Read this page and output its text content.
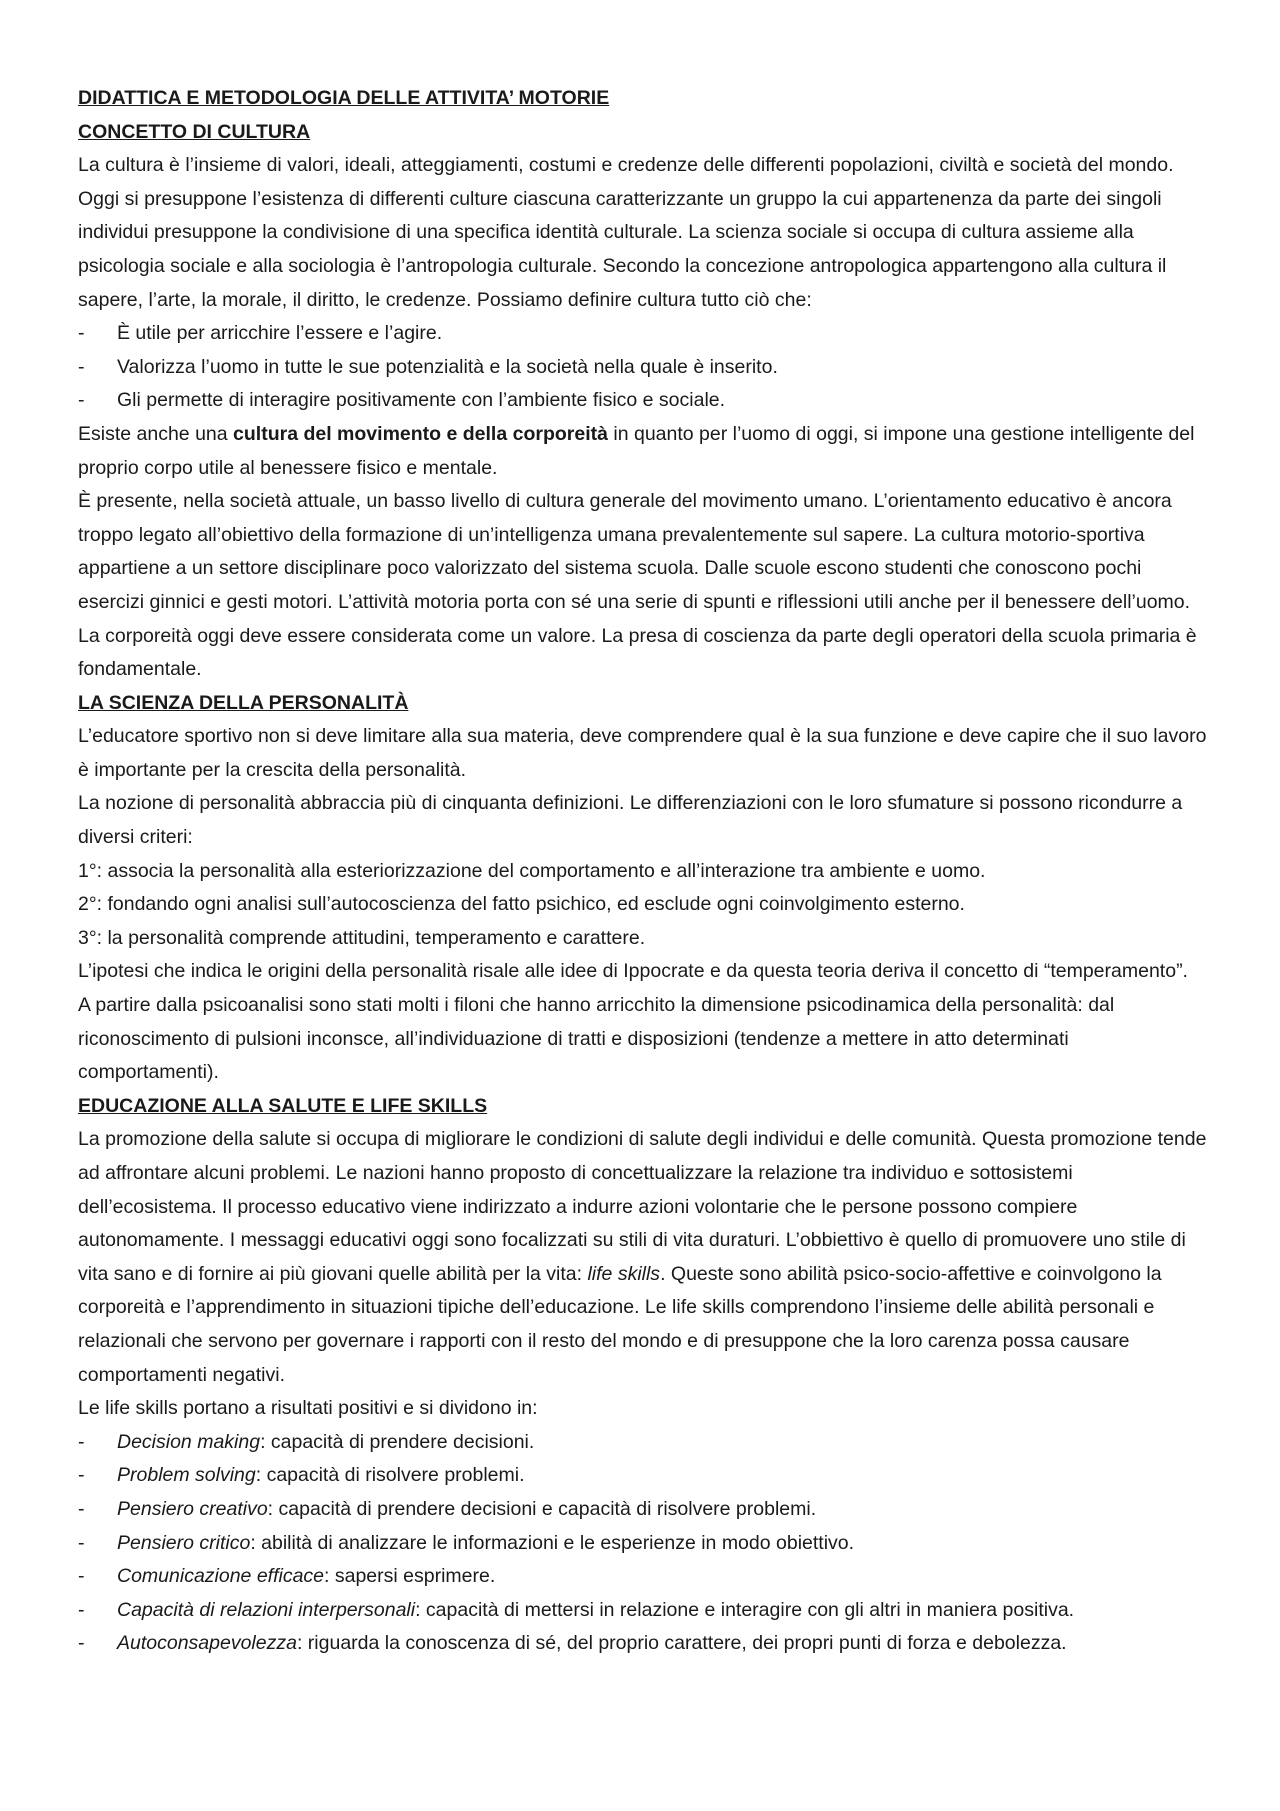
DIDATTICA E METODOLOGIA DELLE ATTIVITA’ MOTORIE
CONCETTO DI CULTURA

La cultura è l’insieme di valori, ideali, atteggiamenti, costumi e credenze delle differenti popolazioni, civiltà e società del mondo. Oggi si presuppone l’esistenza di differenti culture ciascuna caratterizzante un gruppo la cui appartenenza da parte dei singoli individui presuppone la condivisione di una specifica identità culturale. La scienza sociale si occupa di cultura assieme alla psicologia sociale e alla sociologia è l’antropologia culturale. Secondo la concezione antropologica appartengono alla cultura il sapere, l’arte, la morale, il diritto, le credenze. Possiamo definire cultura tutto ciò che:

- È utile per arricchire l’essere e l’agire.

- Valorizza l’uomo in tutte le sue potenzialità e la società nella quale è inserito.

- Gli permette di interagire positivamente con l’ambiente fisico e sociale.

Esiste anche una cultura del movimento e della corporeità in quanto per l’uomo di oggi, si impone una gestione intelligente del proprio corpo utile al benessere fisico e mentale.

È presente, nella società attuale, un basso livello di cultura generale del movimento umano. L’orientamento educativo è ancora troppo legato all’obiettivo della formazione di un’intelligenza umana prevalentemente sul sapere. La cultura motorio-sportiva appartiene a un settore disciplinare poco valorizzato del sistema scuola. Dalle scuole escono studenti che conoscono pochi esercizi ginnici e gesti motori. L’attività motoria porta con sé una serie di spunti e riflessioni utili anche per il benessere dell’uomo. La corporeità oggi deve essere considerata come un valore. La presa di coscienza da parte degli operatori della scuola primaria è fondamentale.

LA SCIENZA DELLA PERSONALITÀ

L’educatore sportivo non si deve limitare alla sua materia, deve comprendere qual è la sua funzione e deve capire che il suo lavoro è importante per la crescita della personalità.

La nozione di personalità abbraccia più di cinquanta definizioni. Le differenziazioni con le loro sfumature si possono ricondurre a diversi criteri:

1°: associa la personalità alla esteriorizzazione del comportamento e all’interazione tra ambiente e uomo.

2°: fondando ogni analisi sull’autocoscienza del fatto psichico, ed esclude ogni coinvolgimento esterno.

3°: la personalità comprende attitudini, temperamento e carattere.

L’ipotesi che indica le origini della personalità risale alle idee di Ippocrate e da questa teoria deriva il concetto di “temperamento”.

A partire dalla psicoanalisi sono stati molti i filoni che hanno arricchito la dimensione psicodinamica della personalità: dal riconoscimento di pulsioni inconsce, all’individuazione di tratti e disposizioni (tendenze a mettere in atto determinati comportamenti).

EDUCAZIONE ALLA SALUTE E LIFE SKILLS

La promozione della salute si occupa di migliorare le condizioni di salute degli individui e delle comunità. Questa promozione tende ad affrontare alcuni problemi. Le nazioni hanno proposto di concettualizzare la relazione tra individuo e sottosistemi dell’ecosistema. Il processo educativo viene indirizzato a indurre azioni volontarie che le persone possono compiere autonomamente. I messaggi educativi oggi sono focalizzati su stili di vita duraturi. L’obbiettivo è quello di promuovere uno stile di vita sano e di fornire ai più giovani quelle abilità per la vita: life skills. Queste sono abilità psico-socio-affettive e coinvolgono la corporeità e l’apprendimento in situazioni tipiche dell’educazione. Le life skills comprendono l’insieme delle abilità personali e relazionali che servono per governare i rapporti con il resto del mondo e di presuppone che la loro carenza possa causare comportamenti negativi.

Le life skills portano a risultati positivi e si dividono in:

- Decision making: capacità di prendere decisioni.

- Problem solving: capacità di risolvere problemi.

- Pensiero creativo: capacità di prendere decisioni e capacità di risolvere problemi.

- Pensiero critico: abilità di analizzare le informazioni e le esperienze in modo obiettivo.

- Comunicazione efficace: sapersi esprimere.

- Capacità di relazioni interpersonali: capacità di mettersi in relazione e interagire con gli altri in maniera positiva.

- Autoconsapevolezza: riguarda la conoscenza di sé, del proprio carattere, dei propri punti di forza e debolezza.
